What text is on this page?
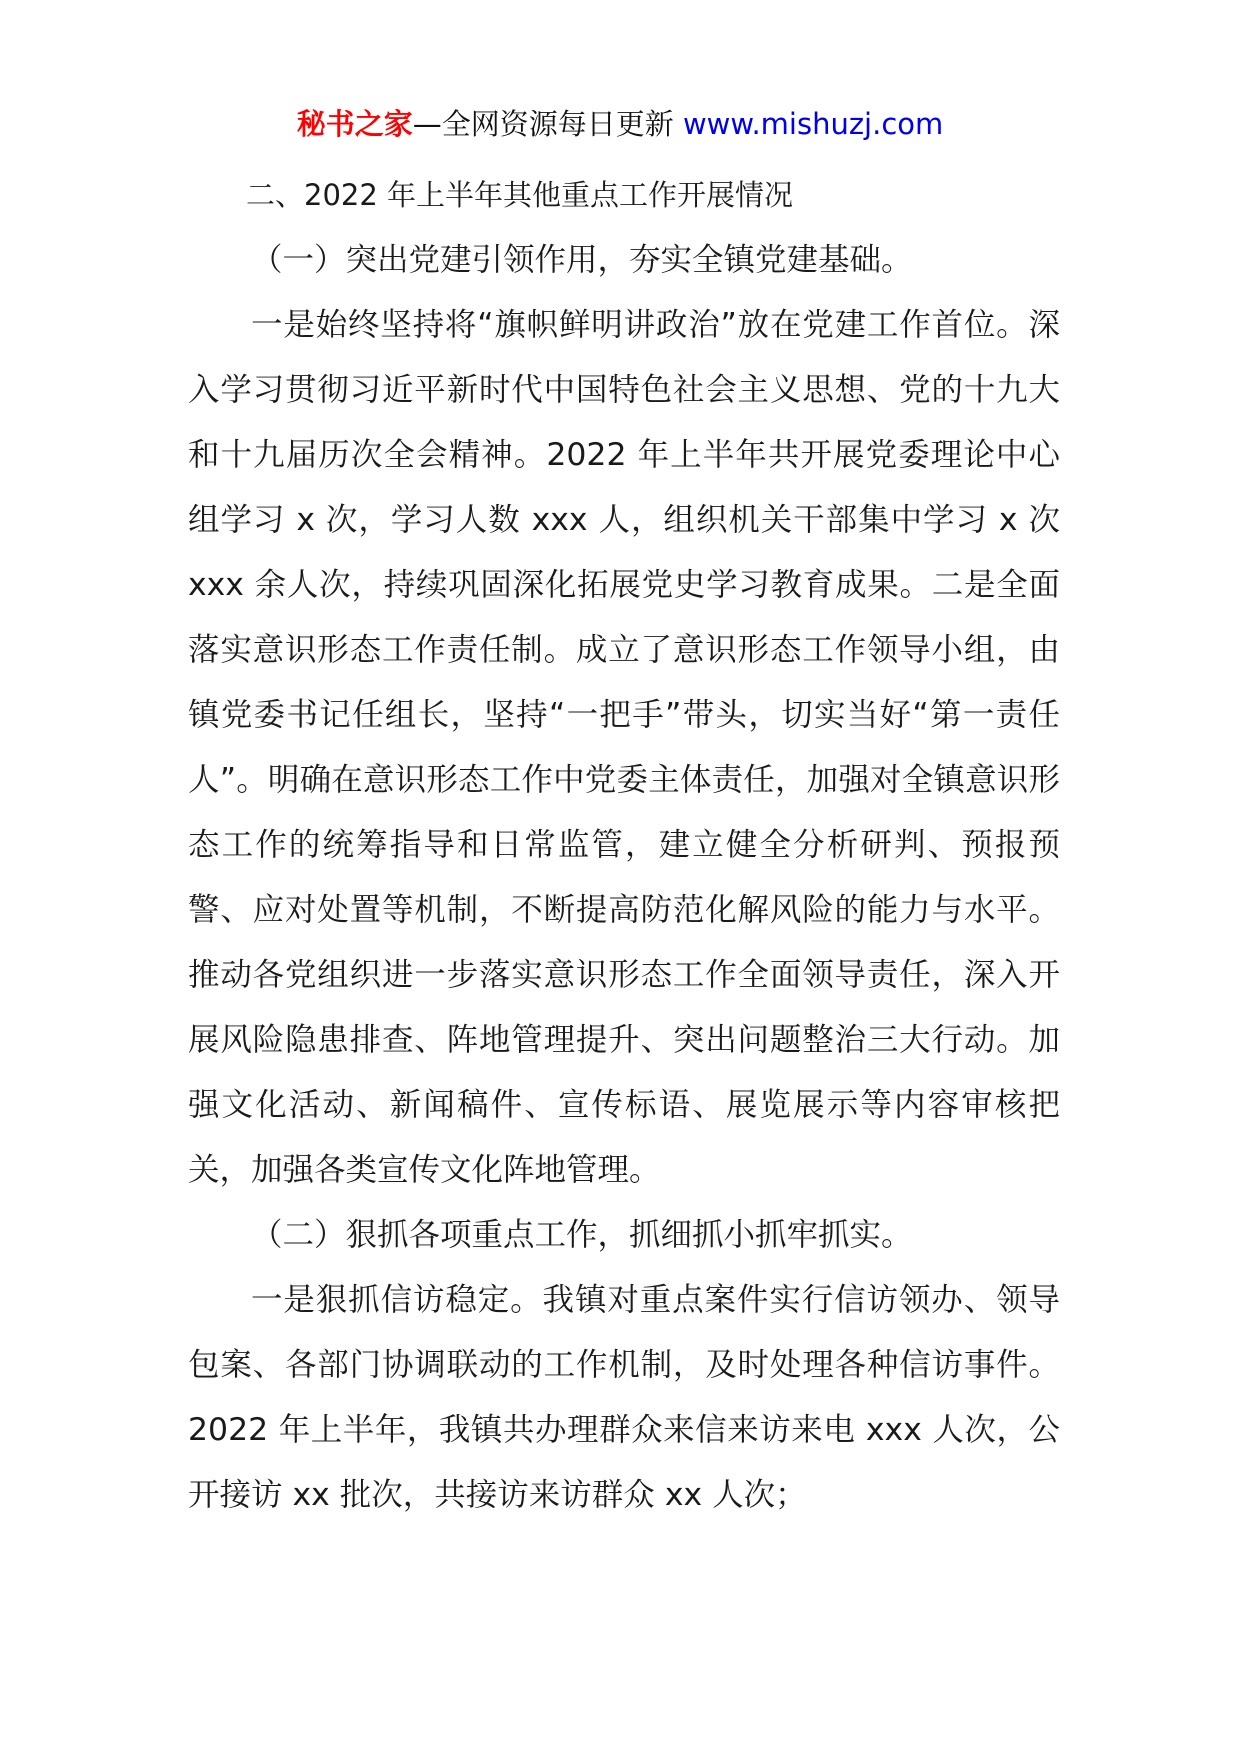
秘书之家—全网资源每日更新 www.mishuzj.com

二、2022 年上半年其他重点工作开展情况

（一）突出党建引领作用，夯实全镇党建基础。

一是始终坚持将“旗帜鲜明讲政治”放在党建工作首位。深入学习贯彻习近平新时代中国特色社会主义思想、党的十九大和十九届历次全会精神。2022 年上半年共开展党委理论中心组学习 x 次，学习人数 xxx 人，组织机关干部集中学习 x 次 xxx 余人次，持续巩固深化拓展党史学习教育成果。二是全面落实意识形态工作责任制。成立了意识形态工作领导小组，由镇党委书记任组长，坚持“一把手”带头，切实当好“第一责任人”。明确在意识形态工作中党委主体责任，加强对全镇意识形态工作的统筹指导和日常监管，建立健全分析研判、预报预警、应对处置等机制，不断提高防范化解风险的能力与水平。推动各党组织进一步落实意识形态工作全面领导责任，深入开展风险隐患排查、阵地管理提升、突出问题整治三大行动。加强文化活动、新闻稿件、宣传标语、展览展示等内容审核把关，加强各类宣传文化阵地管理。

（二）狠抓各项重点工作，抓细抓小抓牢抓实。

一是狠抓信访稳定。我镇对重点案件实行信访领办、领导包案、各部门协调联动的工作机制，及时处理各种信访事件。2022 年上半年，我镇共办理群众来信来访来电 xxx 人次，公开接访 xx 批次，共接访来访群众 xx 人次；
